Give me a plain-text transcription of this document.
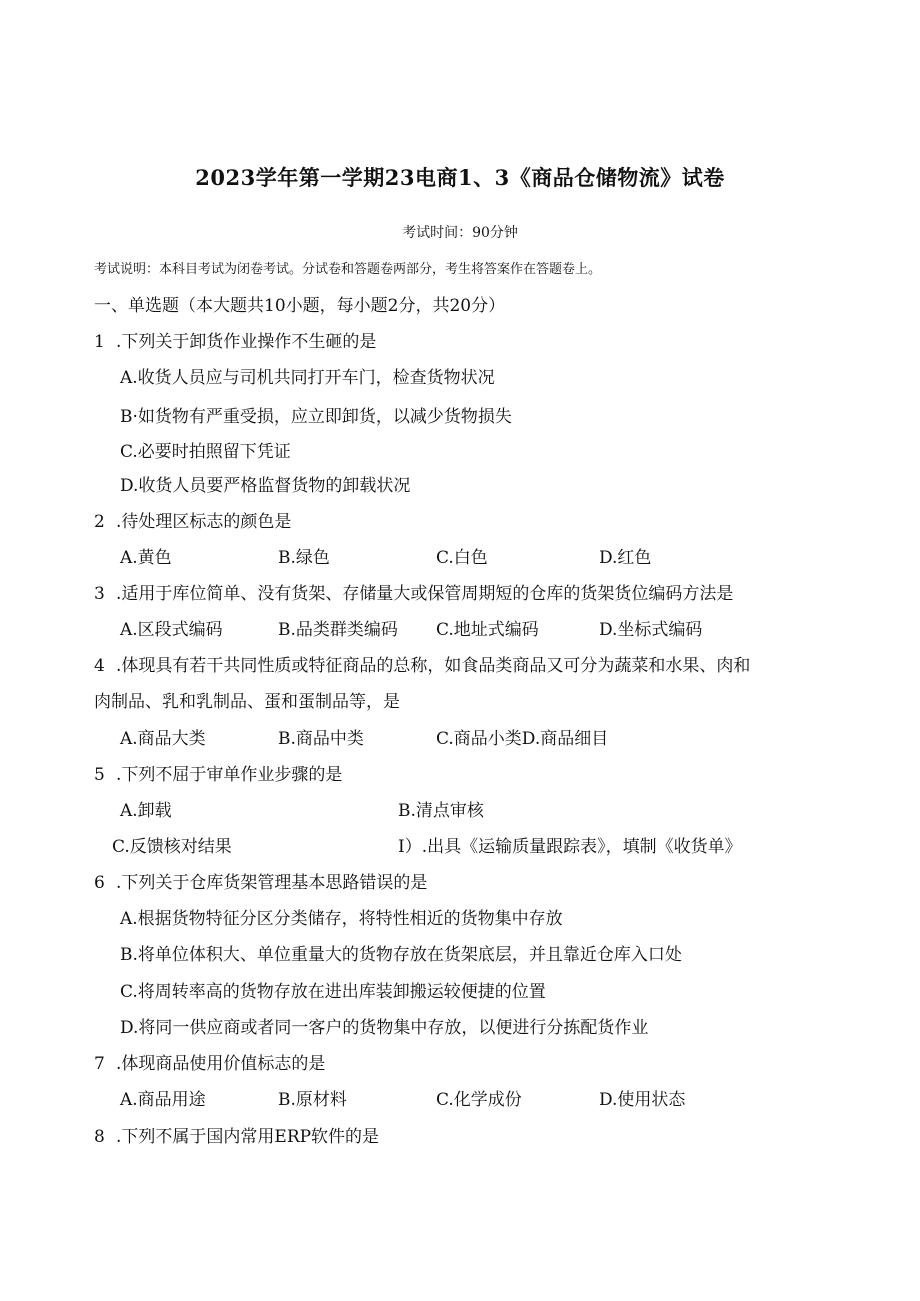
2023学年第一学期23电商1、3《商品仓储物流》试卷
考试时间：90分钟
考试说明：本科目考试为闭卷考试。分试卷和答题卷两部分，考生将答案作在答题卷上。
一、单选题（本大题共10小题，每小题2分，共20分）
1 .下列关于卸货作业操作不生砸的是
A.收货人员应与司机共同打开车门，检查货物状况
B·如货物有严重受损，应立即卸货，以减少货物损失
C.必要时拍照留下凭证
D.收货人员要严格监督货物的卸载状况
2 .待处理区标志的颜色是
A.黄色	B.绿色	C.白色	D.红色
3 .适用于库位简单、没有货架、存储量大或保管周期短的仓库的货架货位编码方法是
A.区段式编码	B.品类群类编码 C.地址式编码	D.坐标式编码
4 .体现具有若干共同性质或特征商品的总称，如食品类商品又可分为蔬菜和水果、肉和
肉制品、乳和乳制品、蛋和蛋制品等，是
A.商品大类	B.商品中类	C.商品小类D.商品细目
5 .下列不屈于审单作业步骤的是
A.卸载	B.清点审核
C.反馈核对结果	I）.出具《运输质量跟踪表》，填制《收货单》
6 .下列关于仓库货架管理基本思路错误的是
A.根据货物特征分区分类储存，将特性相近的货物集中存放
B.将单位体积大、单位重量大的货物存放在货架底层，并且靠近仓库入口处
C.将周转率高的货物存放在进出库装卸搬运较便捷的位置
D.将同一供应商或者同一客户的货物集中存放，以便进行分拣配货作业
7 .体现商品使用价值标志的是
A.商品用途	B.原材料	C.化学成份	D.使用状态
8 .下列不属于国内常用ERP软件的是
